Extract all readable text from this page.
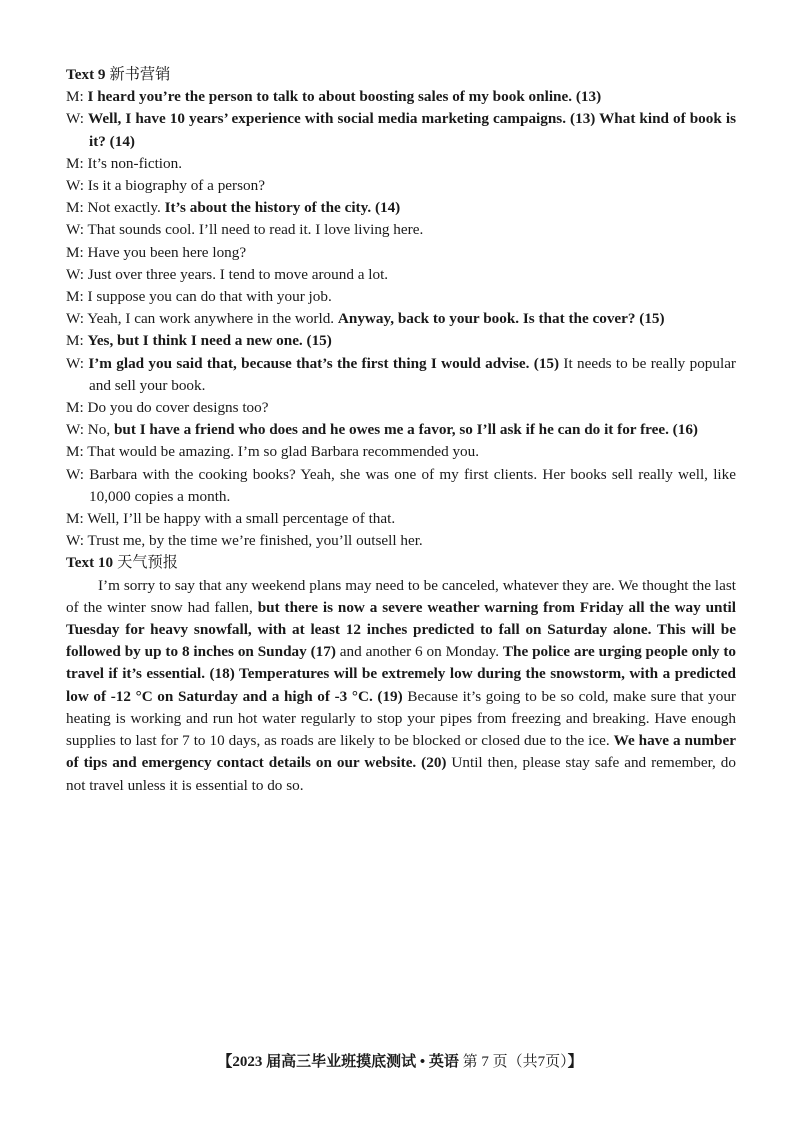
Text 9 新书营销
M: I heard you’re the person to talk to about boosting sales of my book online. (13)
W: Well, I have 10 years’ experience with social media marketing campaigns. (13) What kind of book is it? (14)
M: It’s non-fiction.
W: Is it a biography of a person?
M: Not exactly. It’s about the history of the city. (14)
W: That sounds cool. I’ll need to read it. I love living here.
M: Have you been here long?
W: Just over three years. I tend to move around a lot.
M: I suppose you can do that with your job.
W: Yeah, I can work anywhere in the world. Anyway, back to your book. Is that the cover? (15)
M: Yes, but I think I need a new one. (15)
W: I’m glad you said that, because that’s the first thing I would advise. (15) It needs to be really popular and sell your book.
M: Do you do cover designs too?
W: No, but I have a friend who does and he owes me a favor, so I’ll ask if he can do it for free. (16)
M: That would be amazing. I’m so glad Barbara recommended you.
W: Barbara with the cooking books? Yeah, she was one of my first clients. Her books sell really well, like 10,000 copies a month.
M: Well, I’ll be happy with a small percentage of that.
W: Trust me, by the time we’re finished, you’ll outsell her.
Text 10 天气预报
I’m sorry to say that any weekend plans may need to be canceled, whatever they are. We thought the last of the winter snow had fallen, but there is now a severe weather warning from Friday all the way until Tuesday for heavy snowfall, with at least 12 inches predicted to fall on Saturday alone. This will be followed by up to 8 inches on Sunday (17) and another 6 on Monday. The police are urging people only to travel if it’s essential. (18) Temperatures will be extremely low during the snowstorm, with a predicted low of -12 °C on Saturday and a high of -3 °C. (19) Because it’s going to be so cold, make sure that your heating is working and run hot water regularly to stop your pipes from freezing and breaking. Have enough supplies to last for 7 to 10 days, as roads are likely to be blocked or closed due to the ice. We have a number of tips and emergency contact details on our website. (20) Until then, please stay safe and remember, do not travel unless it is essential to do so.
【2023 届高三毕业班摸底测试 • 英语 第 7 页（共7页）】
